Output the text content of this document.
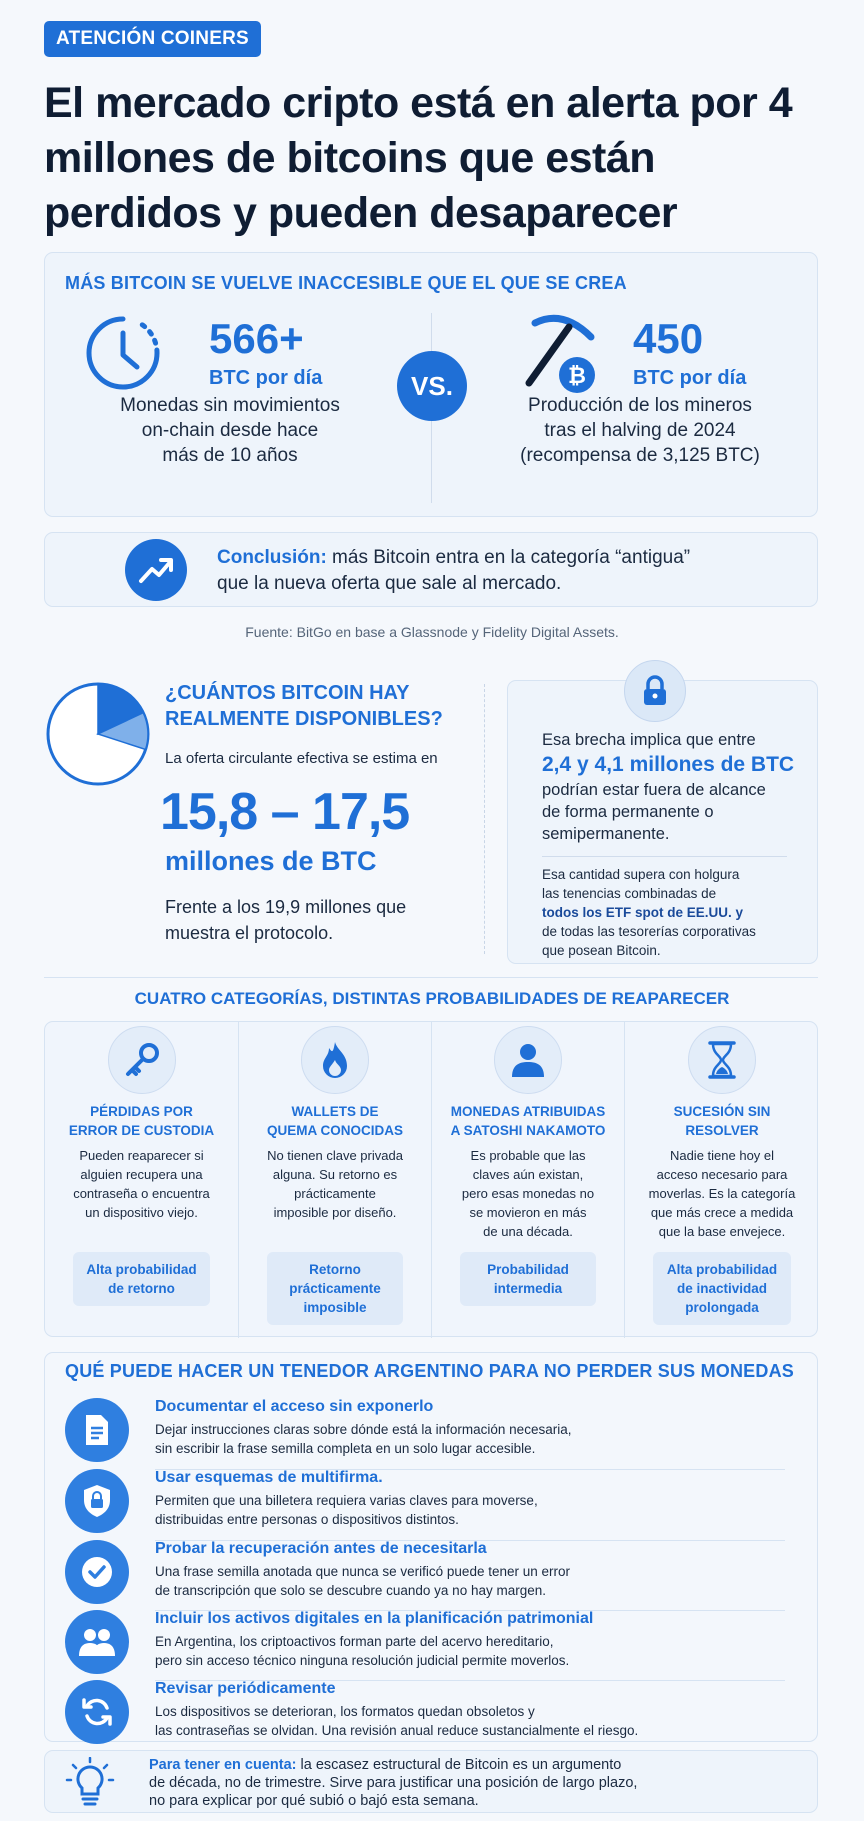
ATENCIÓN COINERS
El mercado cripto está en alerta por 4 millones de bitcoins que están perdidos y pueden desaparecer
MÁS BITCOIN SE VUELVE INACCESIBLE QUE EL QUE SE CREA
566+
BTC por día
Monedas sin movimientos
on-chain desde hace
más de 10 años
VS.	₿
450
BTC por día
Producción de los mineros
tras el halving de 2024
(recompensa de 3,125 BTC)
Conclusión: más Bitcoin entra en la categoría “antigua”
que la nueva oferta que sale al mercado.
Fuente: BitGo en base a Glassnode y Fidelity Digital Assets.
¿CUÁNTOS BITCOIN HAY
REALMENTE DISPONIBLES?
La oferta circulante efectiva se estima en
15,8 – 17,5
millones de BTC
Frente a los 19,9 millones que
muestra el protocolo.
Esa brecha implica que entre
2,4 y 4,1 millones de BTC
podrían estar fuera de alcance
de forma permanente o
semipermanente.
Esa cantidad supera con holgura
las tenencias combinadas de
todos los ETF spot de EE.UU. y
de todas las tesorerías corporativas
que posean Bitcoin.
CUATRO CATEGORÍAS, DISTINTAS PROBABILIDADES DE REAPARECER
PÉRDIDAS POR
ERROR DE CUSTODIA
Pueden reaparecer si
alguien recupera una
contraseña o encuentra
un dispositivo viejo.
Alta probabilidad
de retorno
WALLETS DE
QUEMA CONOCIDAS
No tienen clave privada
alguna. Su retorno es
prácticamente
imposible por diseño.
Retorno
prácticamente
imposible
MONEDAS ATRIBUIDAS
A SATOSHI NAKAMOTO
Es probable que las
claves aún existan,
pero esas monedas no
se movieron en más
de una década.
Probabilidad
intermedia
SUCESIÓN SIN
RESOLVER
Nadie tiene hoy el
acceso necesario para
moverlas. Es la categoría
que más crece a medida
que la base envejece.
Alta probabilidad
de inactividad
prolongada
QUÉ PUEDE HACER UN TENEDOR ARGENTINO PARA NO PERDER SUS MONEDAS
Documentar el acceso sin exponerlo
Dejar instrucciones claras sobre dónde está la información necesaria,
sin escribir la frase semilla completa en un solo lugar accesible.
Usar esquemas de multifirma.
Permiten que una billetera requiera varias claves para moverse,
distribuidas entre personas o dispositivos distintos.
Probar la recuperación antes de necesitarla
Una frase semilla anotada que nunca se verificó puede tener un error
de transcripción que solo se descubre cuando ya no hay margen.
Incluir los activos digitales en la planificación patrimonial
En Argentina, los criptoactivos forman parte del acervo hereditario,
pero sin acceso técnico ninguna resolución judicial permite moverlos.
Revisar periódicamente
Los dispositivos se deterioran, los formatos quedan obsoletos y
las contraseñas se olvidan. Una revisión anual reduce sustancialmente el riesgo.
Para tener en cuenta: la escasez estructural de Bitcoin es un argumento
de década, no de trimestre. Sirve para justificar una posición de largo plazo,
no para explicar por qué subió o bajó esta semana.
